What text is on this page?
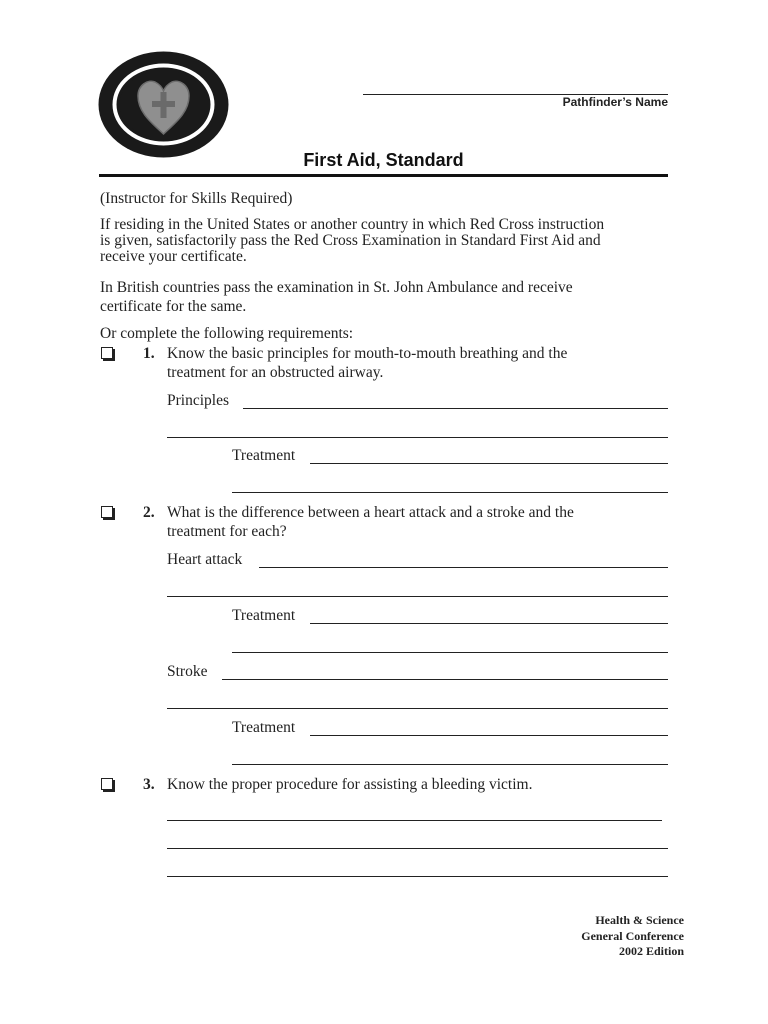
Pathfinder’s Name
First Aid, Standard
(Instructor for Skills Required)
If residing in the United States or another country in which Red Cross instruction
is given, satisfactorily pass the Red Cross Examination in Standard First Aid and
receive your certificate.
In British countries pass the examination in St. John Ambulance and receive
certificate for the same.
Or complete the following requirements:
1. Know the basic principles for mouth-to-mouth breathing and the
treatment for an obstructed airway.
Principles
Treatment
2. What is the difference between a heart attack and a stroke and the
treatment for each?
Heart attack
Treatment
Stroke
Treatment
3. Know the proper procedure for assisting a bleeding victim.
Health & Science
General Conference
2002 Edition
